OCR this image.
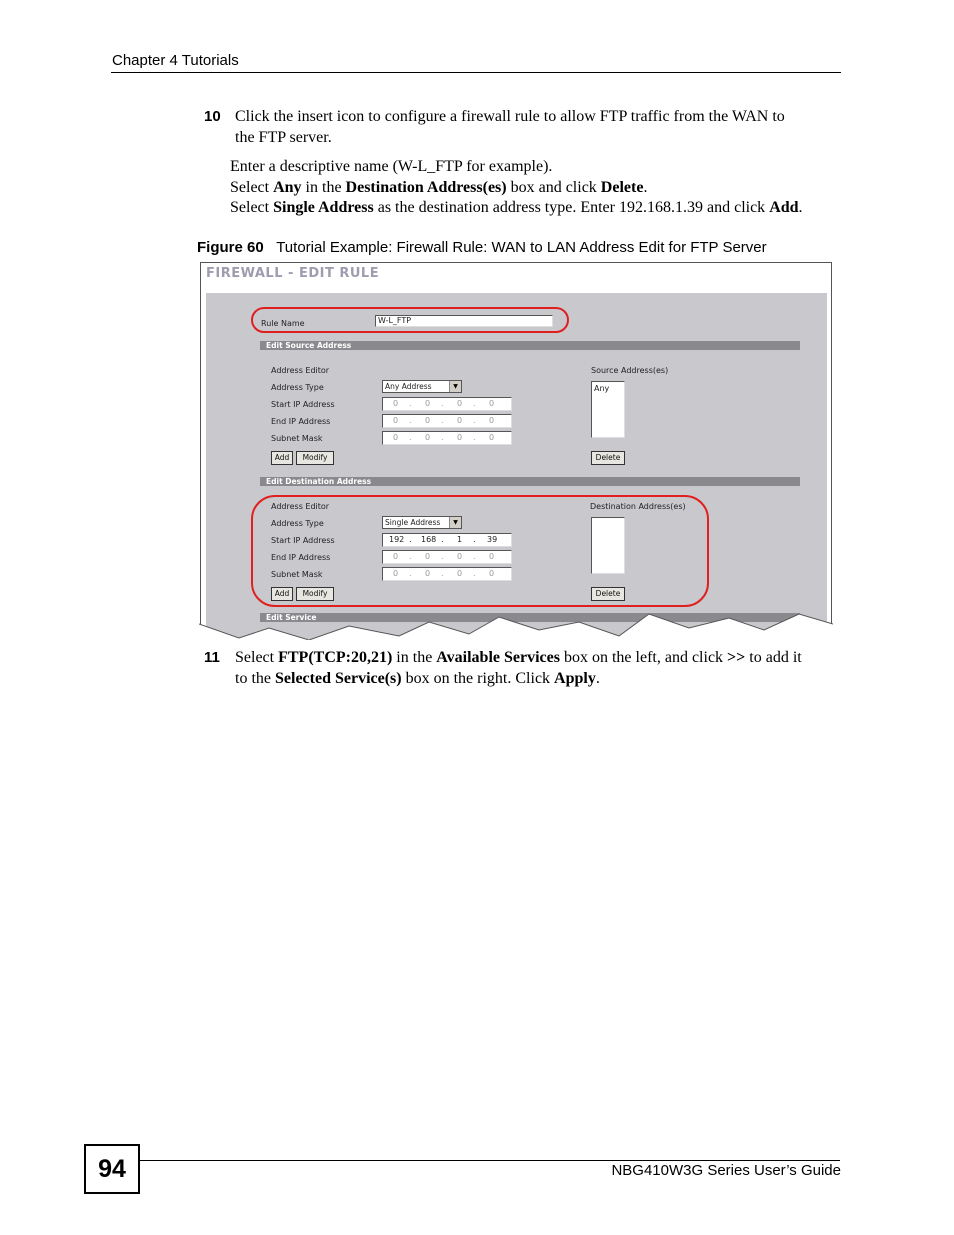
Chapter 4 Tutorials
10 Click the insert icon to configure a firewall rule to allow FTP traffic from the WAN to
the FTP server.
Enter a descriptive name (W-L_FTP for example).
Select Any in the Destination Address(es) box and click Delete.
Select Single Address as the destination address type. Enter 192.168.1.39 and click Add.
Figure 60 Tutorial Example: Firewall Rule: WAN to LAN Address Edit for FTP Server
FIREWALL - EDIT RULE
Rule Name	W-L_FTP
Edit Source Address
Address Editor
Address Type	Any Address	▼
Start IP Address	0 . 0 . 0 . 0
End IP Address	0 . 0 . 0 . 0
Subnet Mask	0 . 0 . 0 . 0
Add	Modify
Source Address(es)
Any
Delete
Edit Destination Address
Address Editor
Address Type	Single Address	▼
Start IP Address	192 . 168 . 1 . 39
End IP Address	0 . 0 . 0 . 0
Subnet Mask	0 . 0 . 0 . 0
Add	Modify
Destination Address(es)
Delete
Edit Service
11 Select FTP(TCP:20,21) in the Available Services box on the left, and click >> to add it
to the Selected Service(s) box on the right. Click Apply.
94	NBG410W3G Series User’s Guide
